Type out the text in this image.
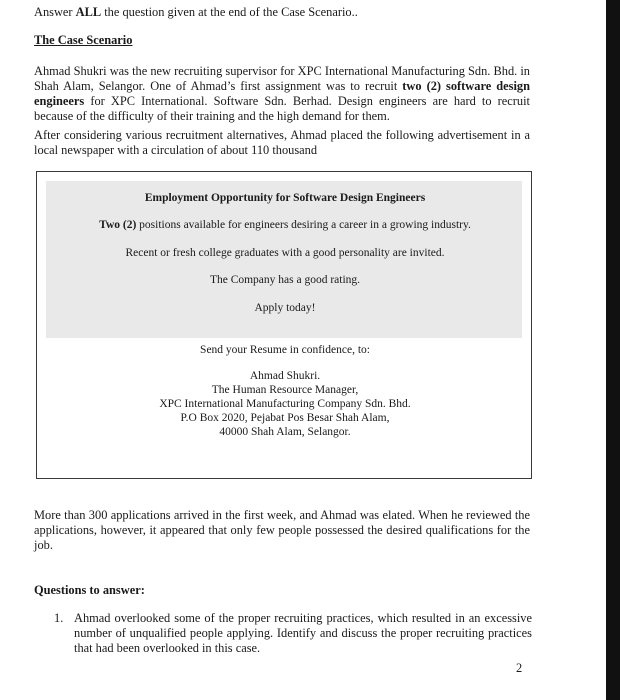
Answer ALL the question given at the end of the Case Scenario..
The Case Scenario
Ahmad Shukri was the new recruiting supervisor for XPC International Manufacturing Sdn. Bhd. in Shah Alam, Selangor. One of Ahmad’s first assignment was to recruit two (2) software design engineers for XPC International. Software Sdn. Berhad. Design engineers are hard to recruit because of the difficulty of their training and the high demand for them.
After considering various recruitment alternatives, Ahmad placed the following advertisement in a local newspaper with a circulation of about 110 thousand
Employment Opportunity for Software Design Engineers
Two (2) positions available for engineers desiring a career in a growing industry.
Recent or fresh college graduates with a good personality are invited.
The Company has a good rating.
Apply today!
Send your Resume in confidence, to:
Ahmad Shukri.
The Human Resource Manager,
XPC International Manufacturing Company Sdn. Bhd.
P.O Box 2020, Pejabat Pos Besar Shah Alam,
40000 Shah Alam, Selangor.
More than 300 applications arrived in the first week, and Ahmad was elated. When he reviewed the applications, however, it appeared that only few people possessed the desired qualifications for the job.
Questions to answer:
1. Ahmad overlooked some of the proper recruiting practices, which resulted in an excessive number of unqualified people applying. Identify and discuss the proper recruiting practices that had been overlooked in this case.
2
